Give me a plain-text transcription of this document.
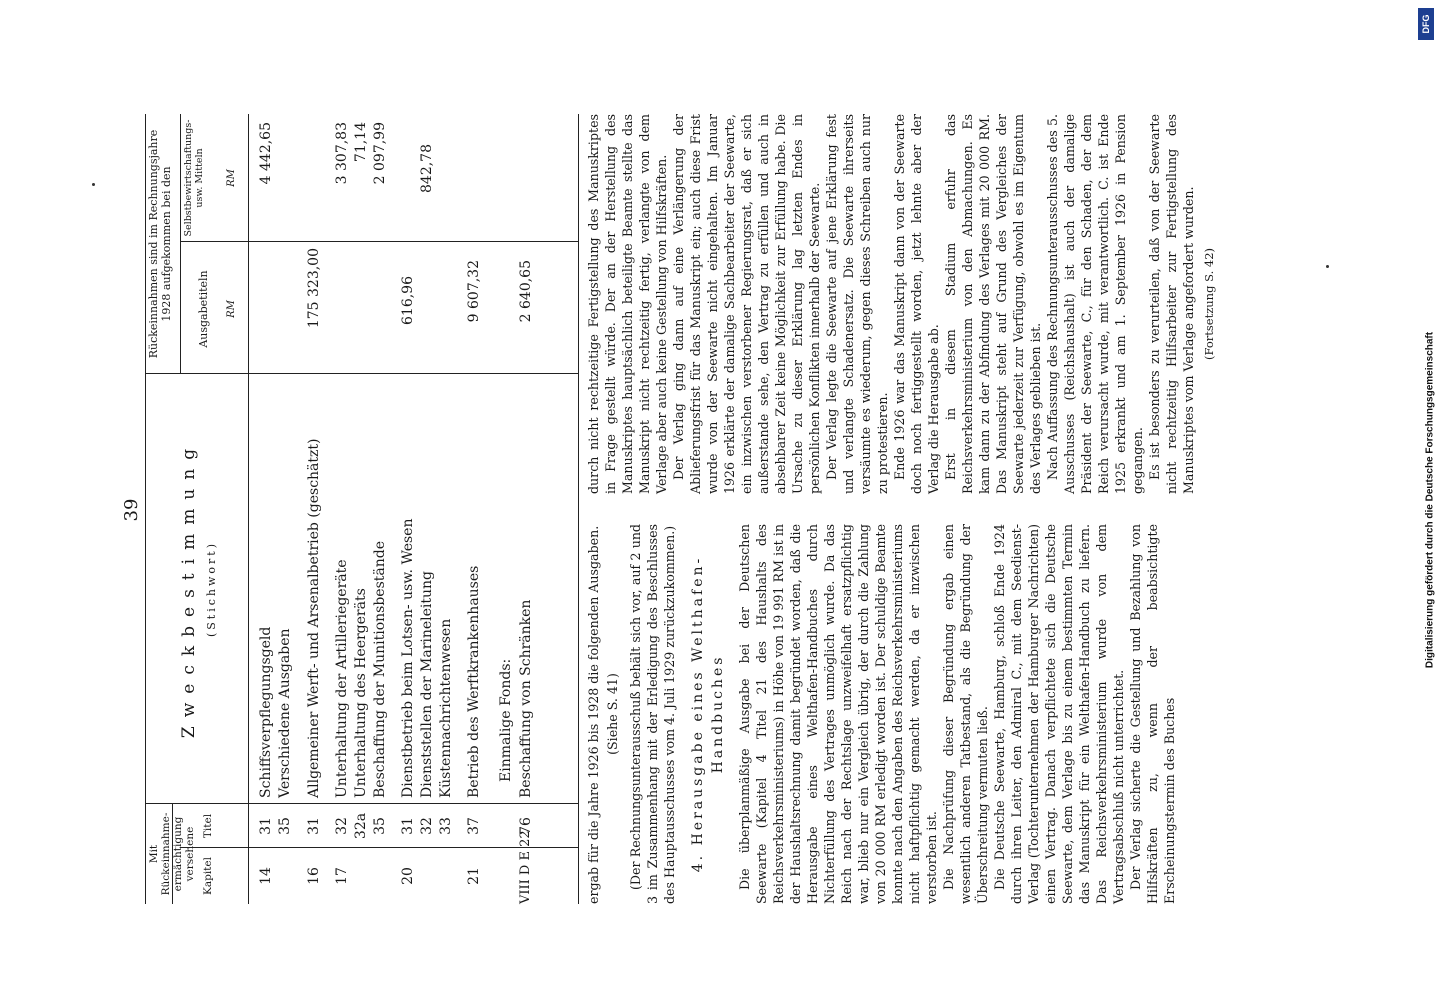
Digitalisierung gefördert durch die Deutsche Forschungsgemeinschaft
DFG
39
Mit Rückeinnahme-ermächtigung versehene Kapitel
Titel
Zweckbestimmung (Stichwort)
Rückeinnahmen sind im Rechnungsjahre 1928 aufgekommen bei den	Ausgabetiteln
Selbstbewirtschaftungs- usw. Mitteln
RM
RM
14
31
Schiffsverpflegungsgeld
4 442,65
35
Verschiedene Ausgaben
16
31
Allgemeiner Werft- und Arsenalbetrieb (geschätzt)
175 323,00
17
32
Unterhaltung der Artilleriegeräte
3 307,83
32a
Unterhaltung des Heergeräts
71,14
35
Beschaffung der Munitionsbestände
2 097,99
20
31
Dienstbetrieb beim Lotsen- usw. Wesen
616,96
32
Dienststellen der Marineleitung
842,78
33
Küstennachrichtenwesen
21
37
Betrieb des Werftkrankenhauses
9 607,32
Einmalige Fonds:
VIII D E 22
76
Beschaffung von Schränken
2 640,65

ergab für die Jahre 1926 bis 1928 die folgenden Ausgaben. (Siehe S. 41) (Der Rechnungsunterausschuß behält sich vor, auf 2 und 3 im Zusammenhang mit der Erledigung des Beschlusses des Hauptausschusses vom 4. Juli 1929 zurückzukommen.) 4. Herausgabe eines Welthafen-Handbuches Die überplanmäßige Ausgabe bei der Deutschen Seewarte (Kapitel 4 Titel 21 des Haushalts des Reichsverkehrsministeriums) in Höhe von 19 991 RM ist in der Haushaltsrechnung damit begründet worden, daß die Herausgabe eines Welthafen-Handbuches durch Nichterfüllung des Vertrages unmöglich wurde. Da das Reich nach der Rechtslage unzweifelhaft ersatzpflichtig war, blieb nur ein Vergleich übrig, der durch die Zahlung von 20 000 RM erledigt worden ist. Der schuldige Beamte konnte nach den Angaben des Reichsverkehrsministeriums nicht haftpflichtig gemacht werden, da er inzwischen verstorben ist. Die Nachprüfung dieser Begründung ergab einen wesentlich anderen Tatbestand, als die Begründung der Überschreitung vermuten ließ. Die Deutsche Seewarte, Hamburg, schloß Ende 1924 durch ihren Leiter, den Admiral C., mit dem Seedienst-Verlag (Tochterunternehmen der Hamburger Nachrichten) einen Vertrag. Danach verpflichtete sich die Deutsche Seewarte, dem Verlage bis zu einem bestimmten Termin das Manuskript für ein Welthafen-Handbuch zu liefern. Das Reichsverkehrsministerium wurde von dem Vertragsabschluß nicht unterrichtet. Der Verlag sicherte die Gestellung und Bezahlung von Hilfskräften zu, wenn der beabsichtigte Erscheinungstermin des Buches

durch nicht rechtzeitige Fertigstellung des Manuskriptes in Frage gestellt würde. Der an der Herstellung des Manuskriptes hauptsächlich beteiligte Beamte stellte das Manuskript nicht rechtzeitig fertig, verlangte von dem Verlage aber auch keine Gestellung von Hilfskräften. Der Verlag ging dann auf eine Verlängerung der Ablieferungsfrist für das Manuskript ein; auch diese Frist wurde von der Seewarte nicht eingehalten. Im Januar 1926 erklärte der damalige Sachbearbeiter der Seewarte, ein inzwischen verstorbener Regierungsrat, daß er sich außerstande sehe, den Vertrag zu erfüllen und auch in absehbarer Zeit keine Möglichkeit zur Erfüllung habe. Die Ursache zu dieser Erklärung lag letzten Endes in persönlichen Konflikten innerhalb der Seewarte. Der Verlag legte die Seewarte auf jene Erklärung fest und verlangte Schadenersatz. Die Seewarte ihrerseits versäumte es wiederum, gegen dieses Schreiben auch nur zu protestieren. Ende 1926 war das Manuskript dann von der Seewarte doch noch fertiggestellt worden, jetzt lehnte aber der Verlag die Herausgabe ab. Erst in diesem Stadium erfuhr das Reichsverkehrsministerium von den Abmachungen. Es kam dann zu der Abfindung des Verlages mit 20 000 RM. Das Manuskript steht auf Grund des Vergleiches der Seewarte jederzeit zur Verfügung, obwohl es im Eigentum des Verlages geblieben ist. Nach Auffassung des Rechnungsunterausschusses des 5. Ausschusses (Reichshaushalt) ist auch der damalige Präsident der Seewarte, C., für den Schaden, der dem Reich verursacht wurde, mit verantwortlich. C. ist Ende 1925 erkrankt und am 1. September 1926 in Pension gegangen. Es ist besonders zu verurteilen, daß von der Seewarte nicht rechtzeitig Hilfsarbeiter zur Fertigstellung des Manuskriptes vom Verlage angefordert wurden. (Fortsetzung S. 42)
